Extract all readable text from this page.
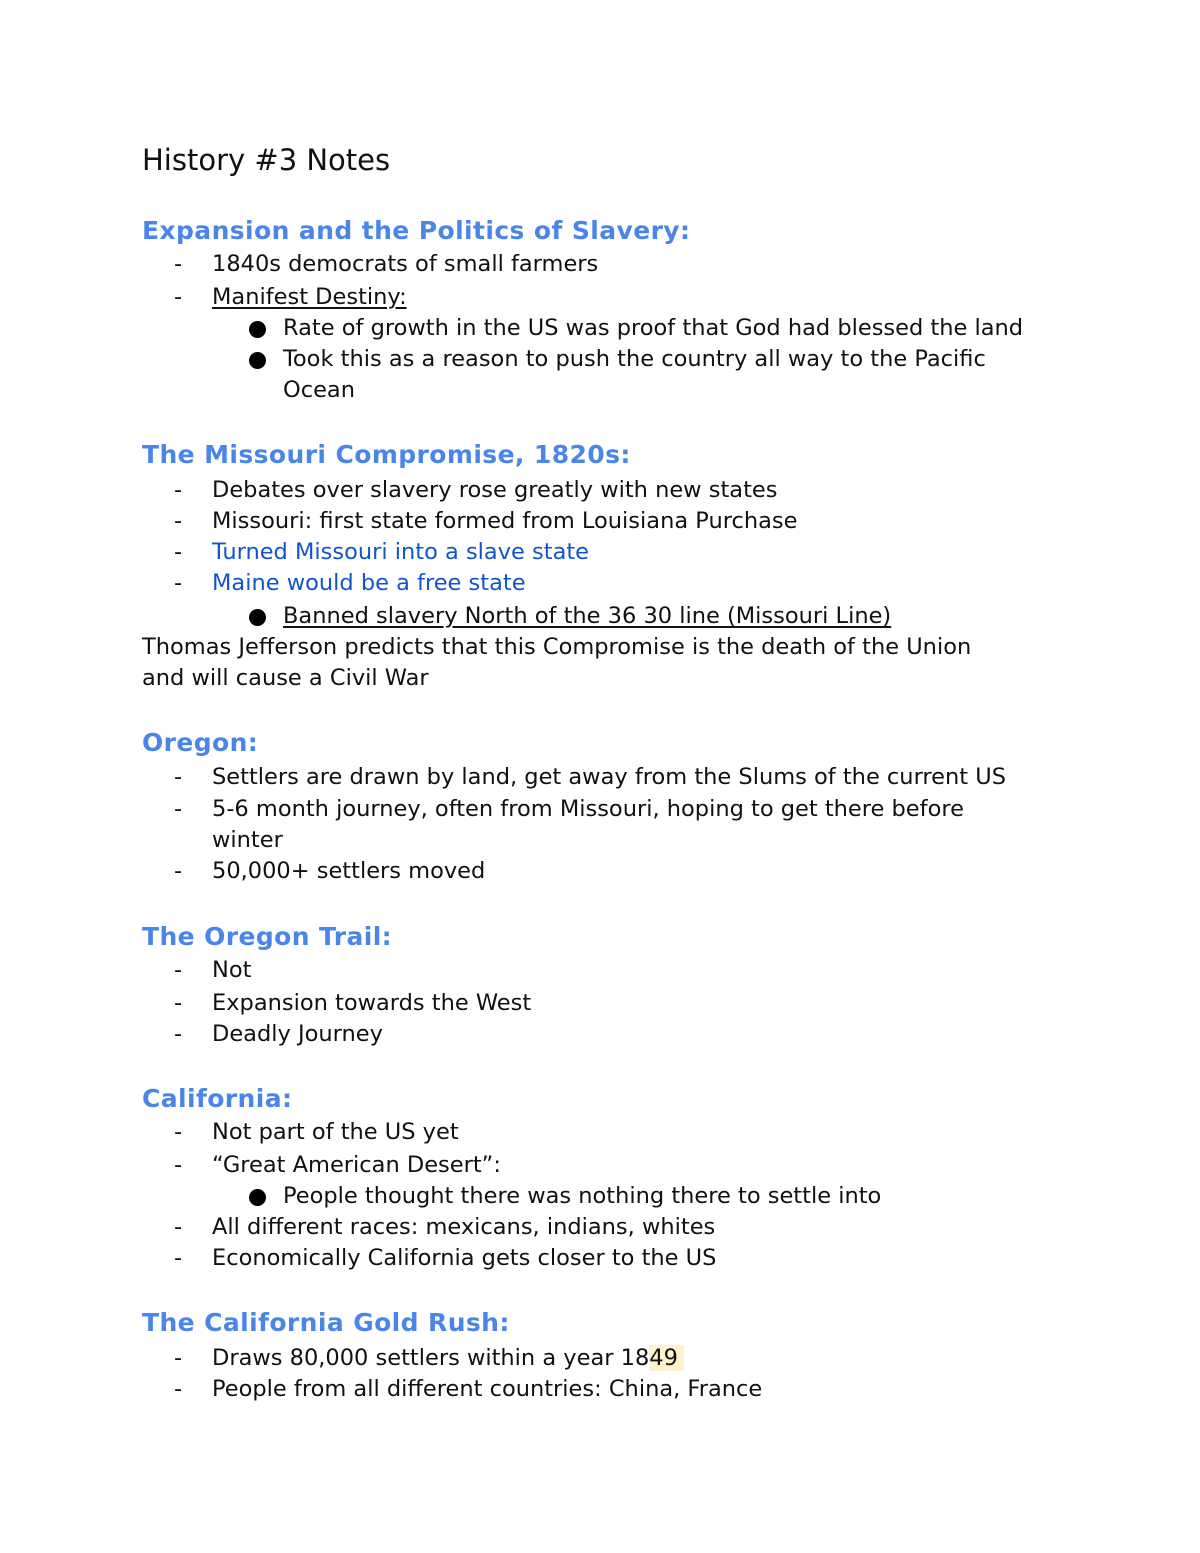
History #3 Notes
Expansion and the Politics of Slavery:
- 1840s democrats of small farmers
- Manifest Destiny:
Rate of growth in the US was proof that God had blessed the land
Took this as a reason to push the country all way to the Pacific
Ocean
The Missouri Compromise, 1820s:
- Debates over slavery rose greatly with new states
- Missouri: first state formed from Louisiana Purchase
- Turned Missouri into a slave state
- Maine would be a free state
Banned slavery North of the 36 30 line (Missouri Line)
Thomas Jefferson predicts that this Compromise is the death of the Union
and will cause a Civil War
Oregon:
- Settlers are drawn by land, get away from the Slums of the current US
- 5-6 month journey, often from Missouri, hoping to get there before
winter
- 50,000+ settlers moved
The Oregon Trail:
- Not
- Expansion towards the West
- Deadly Journey
California:
- Not part of the US yet
- “Great American Desert”:
People thought there was nothing there to settle into
- All different races: mexicans, indians, whites
- Economically California gets closer to the US
The California Gold Rush:
- Draws 80,000 settlers within a year 1849
- People from all different countries: China, France
